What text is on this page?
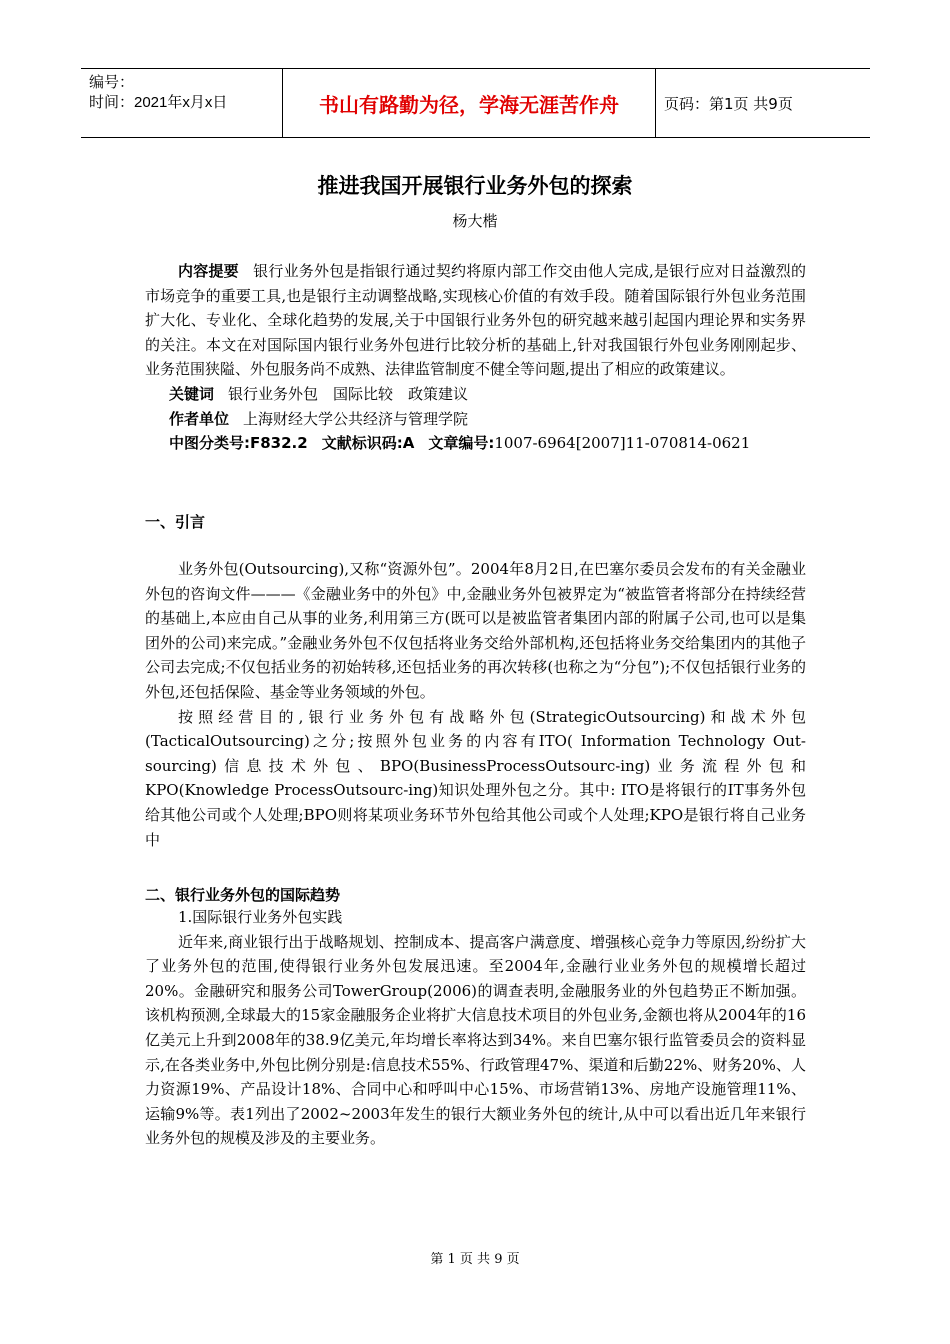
编号：
时间：2021年x月x日	书山有路勤为径，学海无涯苦作舟	页码：第1页 共9页
推进我国开展银行业务外包的探索
杨大楷

内容提要 银行业务外包是指银行通过契约将原内部工作交由他人完成,是银行应对日益激烈的市场竞争的重要工具,也是银行主动调整战略,实现核心价值的有效手段。随着国际银行外包业务范围扩大化、专业化、全球化趋势的发展,关于中国银行业务外包的研究越来越引起国内理论界和实务界的关注。本文在对国际国内银行业务外包进行比较分析的基础上,针对我国银行外包业务刚刚起步、业务范围狭隘、外包服务尚不成熟、法律监管制度不健全等问题,提出了相应的政策建议。

关键词 银行业务外包　国际比较　政策建议

作者单位 上海财经大学公共经济与管理学院

中图分类号:F832.2 文献标识码:A 文章编号:1007-6964[2007]11-070814-0621

一、引言

业务外包(Outsourcing),又称“资源外包”。2004年8月2日,在巴塞尔委员会发布的有关金融业外包的咨询文件———《金融业务中的外包》中,金融业务外包被界定为“被监管者将部分在持续经营的基础上,本应由自己从事的业务,利用第三方(既可以是被监管者集团内部的附属子公司,也可以是集团外的公司)来完成。”金融业务外包不仅包括将业务交给外部机构,还包括将业务交给集团内的其他子公司去完成;不仅包括业务的初始转移,还包括业务的再次转移(也称之为“分包”);不仅包括银行业务的外包,还包括保险、基金等业务领域的外包。

按照经营目的,银行业务外包有战略外包(StrategicOutsourcing)和战术外包(TacticalOutsourcing)之分;按照外包业务的内容有ITO( Information Technology Out-sourcing)信息技术外包、BPO(BusinessProcessOutsourc-ing)业务流程外包和KPO(Knowledge ProcessOutsourc-ing)知识处理外包之分。其中: ITO是将银行的IT事务外包给其他公司或个人处理;BPO则将某项业务环节外包给其他公司或个人处理;KPO是银行将自己业务中

二、银行业务外包的国际趋势

1.国际银行业务外包实践

近年来,商业银行出于战略规划、控制成本、提高客户满意度、增强核心竞争力等原因,纷纷扩大了业务外包的范围,使得银行业务外包发展迅速。至2004年,金融行业业务外包的规模增长超过20%。金融研究和服务公司TowerGroup(2006)的调查表明,金融服务业的外包趋势正不断加强。该机构预测,全球最大的15家金融服务企业将扩大信息技术项目的外包业务,金额也将从2004年的16亿美元上升到2008年的38.9亿美元,年均增长率将达到34%。来自巴塞尔银行监管委员会的资料显示,在各类业务中,外包比例分别是:信息技术55%、行政管理47%、渠道和后勤22%、财务20%、人力资源19%、产品设计18%、合同中心和呼叫中心15%、市场营销13%、房地产设施管理11%、运输9%等。表1列出了2002~2003年发生的银行大额业务外包的统计,从中可以看出近几年来银行业务外包的规模及涉及的主要业务。

第 1 页 共 9 页
